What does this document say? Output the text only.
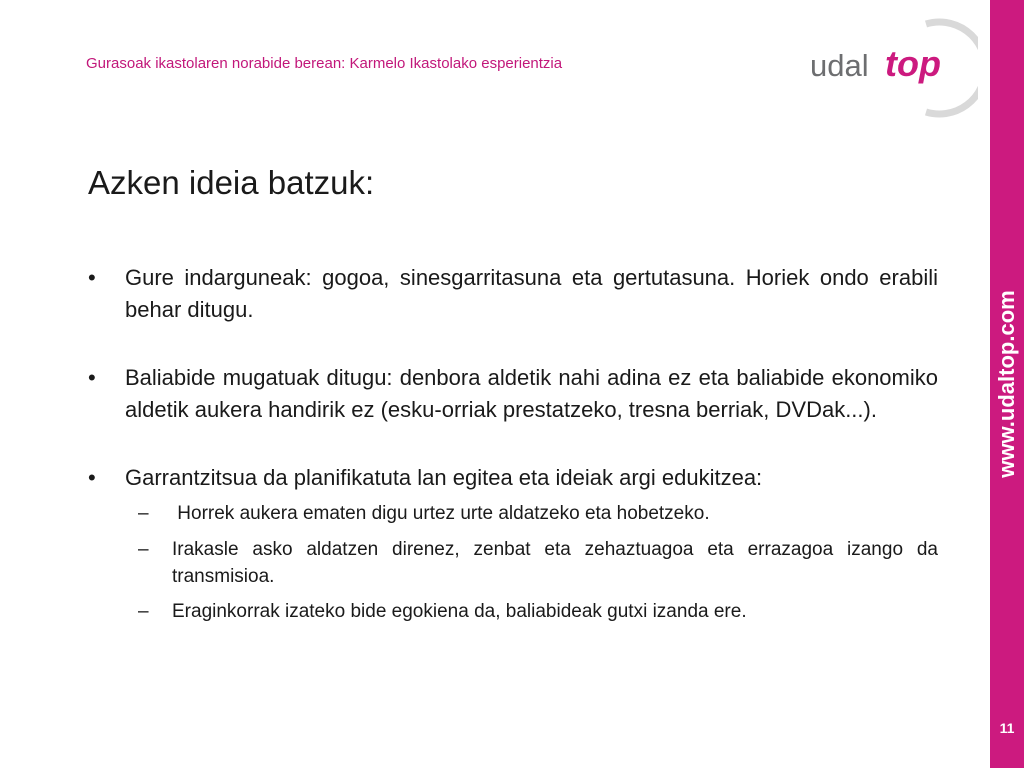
Gurasoak ikastolaren norabide berean: Karmelo Ikastolako esperientzia	udal top
www.udaltop.com
11
Azken ideia batzuk:
• Gure indarguneak: gogoa, sinesgarritasuna eta gertutasuna. Horiek ondo erabili behar ditugu.
• Baliabide mugatuak ditugu: denbora aldetik nahi adina ez eta baliabide ekonomiko aldetik aukera handirik ez (esku-orriak prestatzeko, tresna berriak, DVDak...).
• Garrantzitsua da planifikatuta lan egitea eta ideiak argi edukitzea:
– Horrek aukera ematen digu urtez urte aldatzeko eta hobetzeko.
– Irakasle asko aldatzen direnez, zenbat eta zehaztuagoa eta errazagoa izango da transmisioa.
– Eraginkorrak izateko bide egokiena da, baliabideak gutxi izanda ere.
